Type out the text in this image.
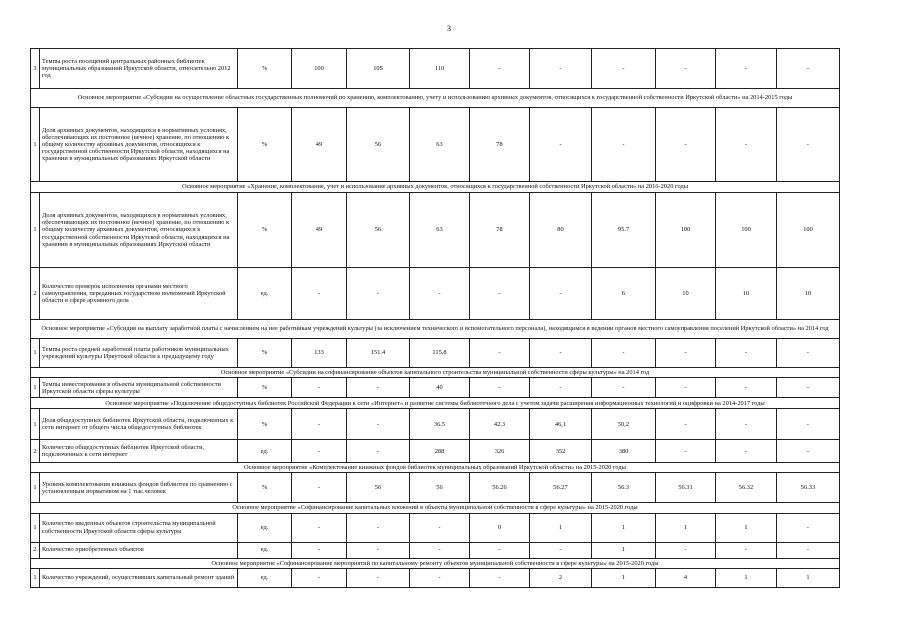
3
3	Темпы роста посещений центральных районных библиотек муниципальных образований Иркутской области, относительно 2012 год	%	100	105	110	-	-	-	-	-	-
Основное мероприятие «Субсидии на осуществление областных государственных полномочий по хранению, комплектованию, учету и использованию архивных документов, относящихся к государственной собственности Иркутской области» на 2014-2015 годы											
1	Доля архивных документов, находящихся в нормативных условиях, обеспечивающих их постоянное (вечное) хранение, по отношению к общему количеству архивных документов, относящихся к государственной собственности Иркутской области, находящихся на хранении в муниципальных образованиях Иркутской области	%	49	56	63	78	-	-	-	-	-
Основное мероприятие «Хранение, комплектование, учет и использование архивных документов, относящихся к государственной собственности Иркутской области» на 2016-2020 годы											
1	Доля архивных документов, находящихся в нормативных условиях, обеспечивающих их постоянное (вечное) хранение, по отношению к общему количеству архивных документов, относящихся к государственной собственности Иркутской области, находящихся на хранении в муниципальных образованиях Иркутской области	%	49	56	63	78	80	95.7	100	100	100
2	Количество проверок исполнения органами местного самоуправления, переданных государством полномочий Иркутской области в сфере архивного дела	ед.	-	-	-	-	-	6	10	10	10
Основное мероприятие «Субсидия на выплату заработной платы с начислением на нее работникам учреждений культуры (за исключением технического и вспомогательного персонала), находящимся в ведении органов местного самоуправления поселений Иркутской области» на 2014 год											
1	Темпы роста средней заработной платы работников муниципальных учреждений культуры Иркутской области к предыдущему году	%	133	151.4	115.8	-	-	-	-	-	-
Основное мероприятие «Субсидии на софинансирование объектов капитального строительства муниципальной собственности сферы культуры» на 2014 год											
1	Темпы инвестирования в объекты муниципальной собственности Иркутской области сферы культуры	%	-	-	40	-	-	-	-	-	-
Основное мероприятие «Подключение общедоступных библиотек Российской Федерации к сети «Интернет» и развитие системы библиотечного дела с учетом задачи расширения информационных технологий и оцифровки на 2014-2017 годы											
1	Доля общедоступных библиотек Иркутской области, подключенных к сети интернет от общего числа общедоступных библиотек	%	-	-	36.5	42.3	46,1	50,2	-	-	-
2	Количество общедоступных библиотек Иркутской области, подключенных к сети интернет	ед.	-	-	288	326	352	380	-	-	-
Основное мероприятие «Комплектование книжных фондов библиотек муниципальных образований Иркутской области» на 2015-2020 годы											
1	Уровень комплектования книжных фондов библиотек по сравнению с установленным нормативом на 1 тыс.человек	%	-	56	56	56.26	56.27	56.3	56.31	56.32	56.33
Основное мероприятие «Софинансирование капитальных вложений в объекты муниципальной собственности в сфере культуры» на 2015-2020 годы											
1	Количество введенных объектов строительства муниципальной собственности Иркутской области сферы культуры	ед.	-	-	-	0	1	1	1	1	-
2.	Количество приобретенных объектов	ед.	-	-	-	-	-	1	-	-	-
Основное мероприятие «Софинансирование мероприятий по капитальному ремонту объектов муниципальной собственности в сфере культуры» на 2015-2020 годы											
1	Количество учреждений, осуществивших капитальный ремонт зданий	ед.	-	-	-	-	2	1	4	1	1
